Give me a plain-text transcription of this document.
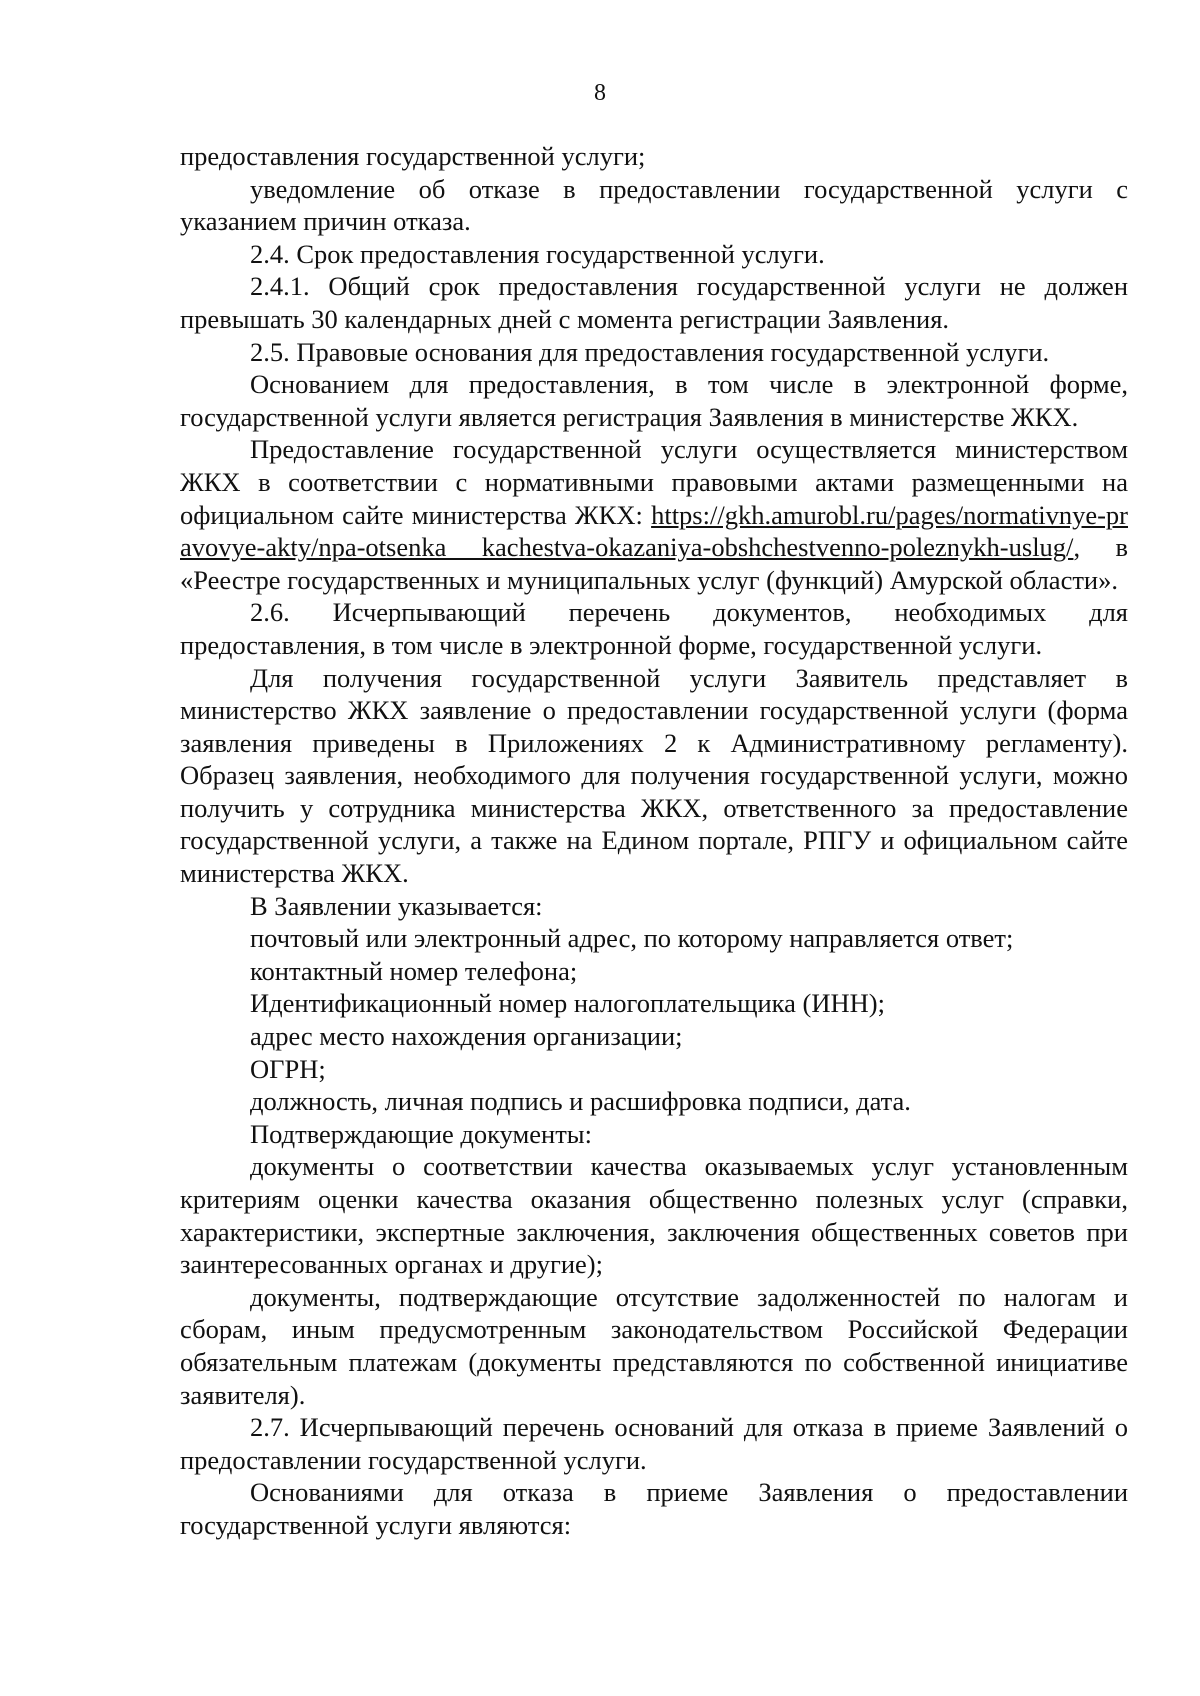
8

предоставления государственной услуги;

уведомление об отказе в предоставлении государственной услуги с указанием причин отказа.

2.4. Срок предоставления государственной услуги.

2.4.1. Общий срок предоставления государственной услуги не должен превышать 30 календарных дней с момента регистрации Заявления.

2.5. Правовые основания для предоставления государственной услуги.

Основанием для предоставления, в том числе в электронной форме, государственной услуги является регистрация Заявления в министерстве ЖКХ.

Предоставление государственной услуги осуществляется министерством ЖКХ в соответствии с нормативными правовыми актами размещенными на официальном сайте министерства ЖКХ: https://gkh.amurobl.ru/pages/normativnye-pravovye-akty/npa-otsenka kachestva-okazaniya-obshchestvenno-poleznykh-uslug/, в «Реестре государственных и муниципальных услуг (функций) Амурской области».

2.6. Исчерпывающий перечень документов, необходимых для предоставления, в том числе в электронной форме, государственной услуги.

Для получения государственной услуги Заявитель представляет в министерство ЖКХ заявление о предоставлении государственной услуги (форма заявления приведены в Приложениях 2 к Административному регламенту). Образец заявления, необходимого для получения государственной услуги, можно получить у сотрудника министерства ЖКХ, ответственного за предоставление государственной услуги, а также на Едином портале, РПГУ и официальном сайте министерства ЖКХ.

В Заявлении указывается:

почтовый или электронный адрес, по которому направляется ответ;

контактный номер телефона;

Идентификационный номер налогоплательщика (ИНН);

адрес место нахождения организации;

ОГРН;

должность, личная подпись и расшифровка подписи, дата.

Подтверждающие документы:

документы о соответствии качества оказываемых услуг установленным критериям оценки качества оказания общественно полезных услуг (справки, характеристики, экспертные заключения, заключения общественных советов при заинтересованных органах и другие);

документы, подтверждающие отсутствие задолженностей по налогам и сборам, иным предусмотренным законодательством Российской Федерации обязательным платежам (документы представляются по собственной инициативе заявителя).

2.7. Исчерпывающий перечень оснований для отказа в приеме Заявлений о предоставлении государственной услуги.

Основаниями для отказа в приеме Заявления о предоставлении государственной услуги являются:
